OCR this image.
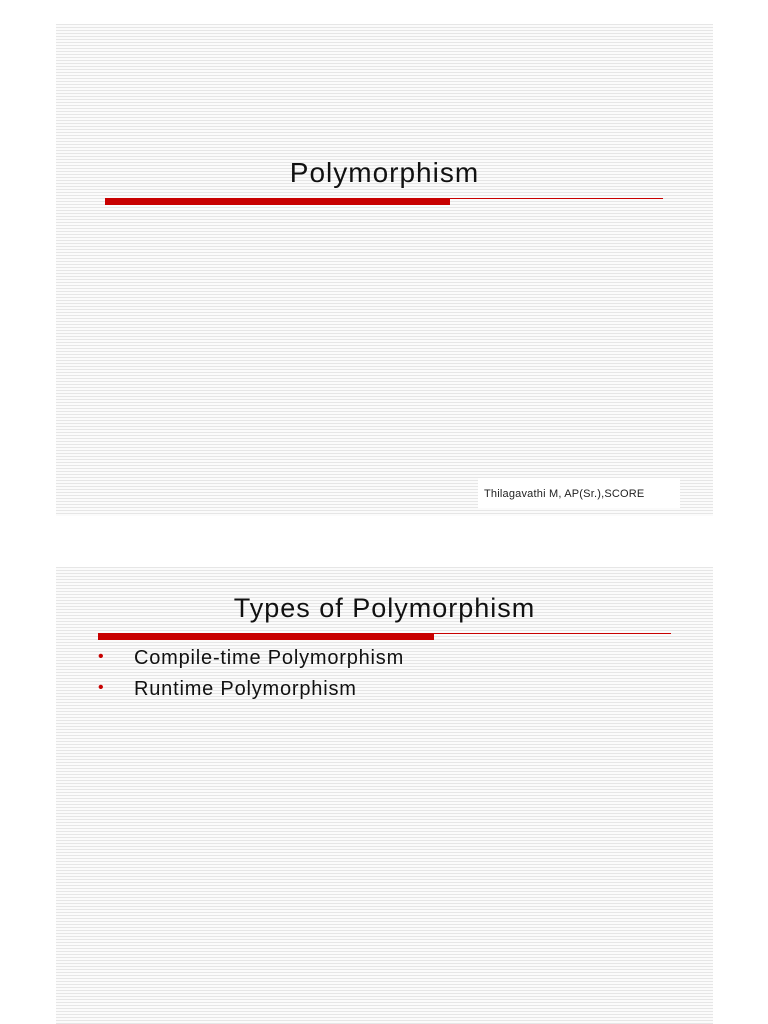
Polymorphism
Thilagavathi M, AP(Sr.),SCORE
Types of Polymorphism
• Compile-time Polymorphism
• Runtime Polymorphism
